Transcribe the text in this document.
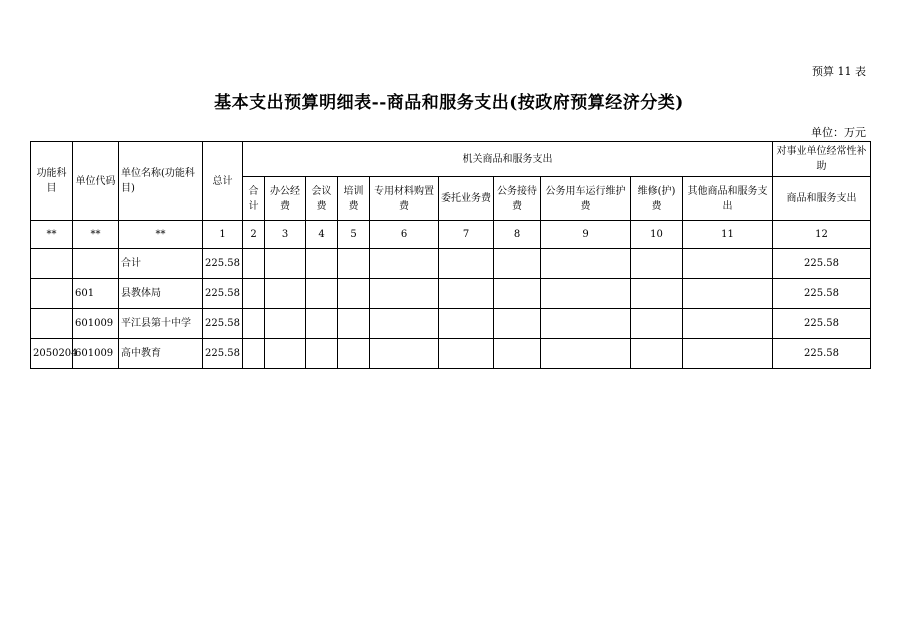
预算 11 表
基本支出预算明细表--商品和服务支出(按政府预算经济分类)
单位：万元
功能科目	单位代码	单位名称(功能科目)	总计	机关商品和服务支出										对事业单位经常性补助
				合计	办公经费	会议费	培训费	专用材料购置费	委托业务费	公务接待费	公务用车运行维护费	维修(护)费	其他商品和服务支出	商品和服务支出
**	**	**	1	2	3	4	5	6	7	8	9	10	11	12
		合计	225.58											225.58
	601	县教体局	225.58											225.58
	601009	平江县第十中学	225.58											225.58
2050204	601009	高中教育	225.58											225.58
